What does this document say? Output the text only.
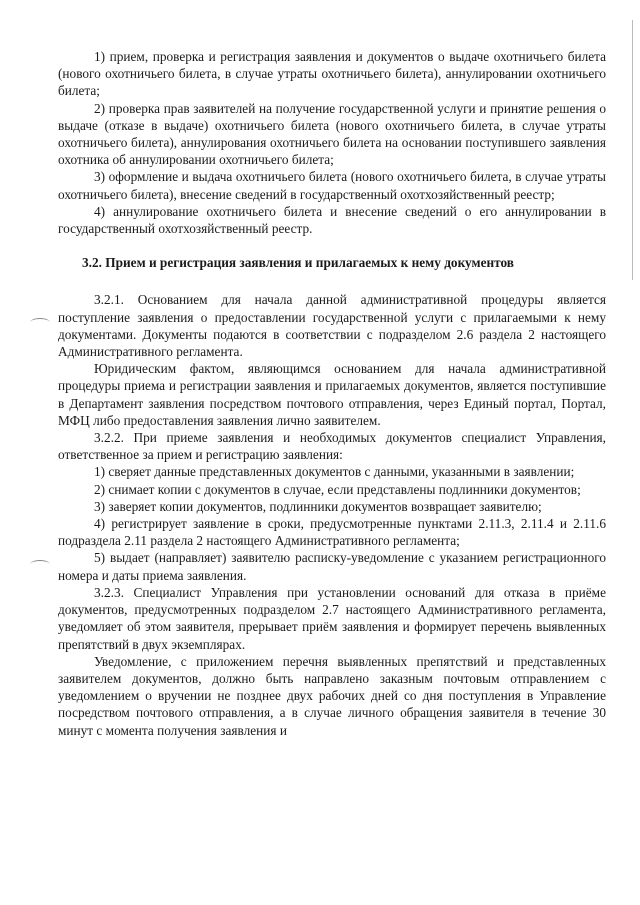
1) прием, проверка и регистрация заявления и документов о выдаче охотничьего билета (нового охотничьего билета, в случае утраты охотничьего билета), аннулировании охотничьего билета;

2) проверка прав заявителей на получение государственной услуги и принятие решения о выдаче (отказе в выдаче) охотничьего билета (нового охотничьего билета, в случае утраты охотничьего билета), аннулирования охотничьего билета на основании поступившего заявления охотника об аннулировании охотничьего билета;

3) оформление и выдача охотничьего билета (нового охотничьего билета, в случае утраты охотничьего билета), внесение сведений в государственный охотхозяйственный реестр;

4) аннулирование охотничьего билета и внесение сведений о его аннулировании в государственный охотхозяйственный реестр.

3.2. Прием и регистрация заявления и прилагаемых к нему документов

3.2.1. Основанием для начала данной административной процедуры является поступление заявления о предоставлении государственной услуги с прилагаемыми к нему документами. Документы подаются в соответствии с подразделом 2.6 раздела 2 настоящего Административного регламента.

Юридическим фактом, являющимся основанием для начала административной процедуры приема и регистрации заявления и прилагаемых документов, является поступившие в Департамент заявления посредством почтового отправления, через Единый портал, Портал, МФЦ либо предоставления заявления лично заявителем.

3.2.2. При приеме заявления и необходимых документов специалист Управления, ответственное за прием и регистрацию заявления:

1) сверяет данные представленных документов с данными, указанными в заявлении;

2) снимает копии с документов в случае, если представлены подлинники документов;

3) заверяет копии документов, подлинники документов возвращает заявителю;

4) регистрирует заявление в сроки, предусмотренные пунктами 2.11.3, 2.11.4 и 2.11.6 подраздела 2.11 раздела 2 настоящего Административного регламента;

5) выдает (направляет) заявителю расписку-уведомление с указанием регистрационного номера и даты приема заявления.

3.2.3. Специалист Управления при установлении оснований для отказа в приёме документов, предусмотренных подразделом 2.7 настоящего Административного регламента, уведомляет об этом заявителя, прерывает приём заявления и формирует перечень выявленных препятствий в двух экземплярах.

Уведомление, с приложением перечня выявленных препятствий и представленных заявителем документов, должно быть направлено заказным почтовым отправлением с уведомлением о вручении не позднее двух рабочих дней со дня поступления в Управление посредством почтового отправления, а в случае личного обращения заявителя в течение 30 минут с момента получения заявления и
